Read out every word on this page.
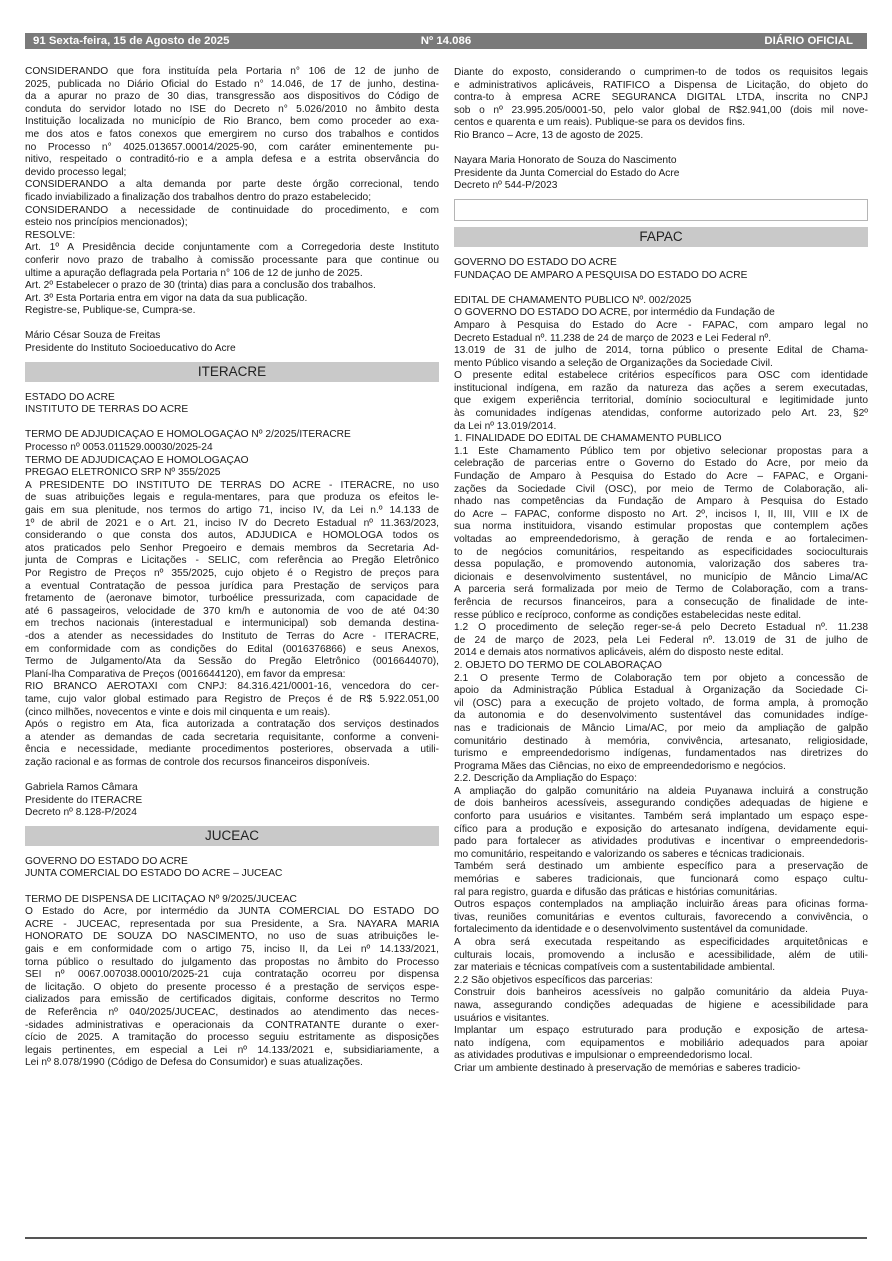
91 Sexta-feira, 15 de Agosto de 2025	Nº 14.086	DIÁRIO OFICIAL
CONSIDERANDO que fora instituída pela Portaria n° 106 de 12 de junho de
2025, publicada no Diário Oficial do Estado n° 14.046, de 17 de junho, destina-
da a apurar no prazo de 30 dias, transgressão aos dispositivos do Código de
conduta do servidor lotado no ISE do Decreto n° 5.026/2010 no âmbito desta
Instituição localizada no município de Rio Branco, bem como proceder ao exa-
me dos atos e fatos conexos que emergirem no curso dos trabalhos e contidos
no Processo n° 4025.013657.00014/2025-90, com caráter eminentemente pu-
nitivo, respeitado o contraditó-rio e a ampla defesa e a estrita observância do
devido processo legal;
CONSIDERANDO a alta demanda por parte deste órgão correcional, tendo
ficado inviabilizado a finalização dos trabalhos dentro do prazo estabelecido;
CONSIDERANDO a necessidade de continuidade do procedimento, e com
esteio nos princípios mencionados);
RESOLVE:
Art. 1º A Presidência decide conjuntamente com a Corregedoria deste Instituto
conferir novo prazo de trabalho à comissão processante para que continue ou
ultime a apuração deflagrada pela Portaria n° 106 de 12 de junho de 2025.
Art. 2º Estabelecer o prazo de 30 (trinta) dias para a conclusão dos trabalhos.
Art. 3º Esta Portaria entra em vigor na data da sua publicação.
Registre-se, Publique-se, Cumpra-se.
Mário César Souza de Freitas
Presidente do Instituto Socioeducativo do Acre
ITERACRE
ESTADO DO ACRE
INSTITUTO DE TERRAS DO ACRE
TERMO DE ADJUDICAÇÃO E HOMOLOGAÇÃO Nº 2/2025/ITERACRE
Processo nº 0053.011529.00030/2025-24
TERMO DE ADJUDICAÇÃO E HOMOLOGAÇÃO
PREGÃO ELETRÔNICO SRP Nº 355/2025
A PRESIDENTE DO INSTITUTO DE TERRAS DO ACRE - ITERACRE, no uso
de suas atribuições legais e regula-mentares, para que produza os efeitos le-
gais em sua plenitude, nos termos do artigo 71, inciso IV, da Lei n.º 14.133 de
1º de abril de 2021 e o Art. 21, inciso IV do Decreto Estadual nº 11.363/2023,
considerando o que consta dos autos, ADJUDICA e HOMOLOGA todos os
atos praticados pelo Senhor Pregoeiro e demais membros da Secretaria Ad-
junta de Compras e Licitações - SELIC, com referência ao Pregão Eletrônico
Por Registro de Preços nº 355/2025, cujo objeto é o Registro de preços para
a eventual Contratação de pessoa jurídica para Prestação de serviços para
fretamento de (aeronave bimotor, turboélice pressurizada, com capacidade de
até 6 passageiros, velocidade de 370 km/h e autonomia de voo de até 04:30
em trechos nacionais (interestadual e intermunicipal) sob demanda destina-
-dos a atender as necessidades do Instituto de Terras do Acre - ITERACRE,
em conformidade com as condições do Edital (0016376866) e seus Anexos,
Termo de Julgamento/Ata da Sessão do Pregão Eletrônico (0016644070),
Planí-lha Comparativa de Preços (0016644120), em favor da empresa:
RIO BRANCO AEROTAXI com CNPJ: 84.316.421/0001-16, vencedora do cer-
tame, cujo valor global estimado para Registro de Preços é de R$ 5.922.051,00
(cinco milhões, novecentos e vinte e dois mil cinquenta e um reais).
Após o registro em Ata, fica autorizada a contratação dos serviços destinados
a atender as demandas de cada secretaria requisitante, conforme a conveni-
ência e necessidade, mediante procedimentos posteriores, observada a utili-
zação racional e as formas de controle dos recursos financeiros disponíveis.
Gabriela Ramos Câmara
Presidente do ITERACRE
Decreto nº 8.128-P/2024
JUCEAC
GOVERNO DO ESTADO DO ACRE
JUNTA COMERCIAL DO ESTADO DO ACRE – JUCEAC
TERMO DE DISPENSA DE LICITAÇÃO Nº 9/2025/JUCEAC
O Estado do Acre, por intermédio da JUNTA COMERCIAL DO ESTADO DO
ACRE - JUCEAC, representada por sua Presidente, a Sra. NAYARA MARIA
HONORATO DE SOUZA DO NASCIMENTO, no uso de suas atribuições le-
gais e em conformidade com o artigo 75, inciso II, da Lei nº 14.133/2021,
torna público o resultado do julgamento das propostas no âmbito do Processo
SEI nº 0067.007038.00010/2025-21 cuja contratação ocorreu por dispensa
de licitação. O objeto do presente processo é a prestação de serviços espe-
cializados para emissão de certificados digitais, conforme descritos no Termo
de Referência nº 040/2025/JUCEAC, destinados ao atendimento das neces-
-sidades administrativas e operacionais da CONTRATANTE durante o exer-
cício de 2025. A tramitação do processo seguiu estritamente as disposições
legais pertinentes, em especial a Lei nº 14.133/2021 e, subsidiariamente, a
Lei nº 8.078/1990 (Código de Defesa do Consumidor) e suas atualizações.
Diante do exposto, considerando o cumprimen-to de todos os requisitos legais
e administrativos aplicáveis, RATIFICO a Dispensa de Licitação, do objeto do
contra-to à empresa ACRE SEGURANCA DIGITAL LTDA, inscrita no CNPJ
sob o nº 23.995.205/0001-50, pelo valor global de R$2.941,00 (dois mil nove-
centos e quarenta e um reais). Publique-se para os devidos fins.
Rio Branco – Acre, 13 de agosto de 2025.
Nayara Maria Honorato de Souza do Nascimento
Presidente da Junta Comercial do Estado do Acre
Decreto nº 544-P/2023
FAPAC
GOVERNO DO ESTADO DO ACRE
FUNDAÇÃO DE AMPARO A PESQUISA DO ESTADO DO ACRE
EDITAL DE CHAMAMENTO PÚBLICO Nº. 002/2025
O GOVERNO DO ESTADO DO ACRE, por intermédio da Fundação de
Amparo à Pesquisa do Estado do Acre - FAPAC, com amparo legal no
Decreto Estadual nº. 11.238 de 24 de março de 2023 e Lei Federal nº.
13.019 de 31 de julho de 2014, torna público o presente Edital de Chama-
mento Público visando a seleção de Organizações da Sociedade Civil.
O presente edital estabelece critérios específicos para OSC com identidade
institucional indígena, em razão da natureza das ações a serem executadas,
que exigem experiência territorial, domínio sociocultural e legitimidade junto
às comunidades indígenas atendidas, conforme autorizado pelo Art. 23, §2º
da Lei nº 13.019/2014.
1. FINALIDADE DO EDITAL DE CHAMAMENTO PÚBLICO
1.1 Este Chamamento Público tem por objetivo selecionar propostas para a
celebração de parcerias entre o Governo do Estado do Acre, por meio da
Fundação de Amparo à Pesquisa do Estado do Acre – FAPAC, e Organi-
zações da Sociedade Civil (OSC), por meio de Termo de Colaboração, ali-
nhado nas competências da Fundação de Amparo à Pesquisa do Estado
do Acre – FAPAC, conforme disposto no Art. 2º, incisos I, II, III, VIII e IX de
sua norma instituidora, visando estimular propostas que contemplem ações
voltadas ao empreendedorismo, à geração de renda e ao fortalecimen-
to de negócios comunitários, respeitando as especificidades socioculturais
dessa população, e promovendo autonomia, valorização dos saberes tra-
dicionais e desenvolvimento sustentável, no município de Mâncio Lima/AC
A parceria será formalizada por meio de Termo de Colaboração, com a trans-
ferência de recursos financeiros, para a consecução de finalidade de inte-
resse público e recíproco, conforme as condições estabelecidas neste edital.
1.2 O procedimento de seleção reger-se-á pelo Decreto Estadual nº. 11.238
de 24 de março de 2023, pela Lei Federal nº. 13.019 de 31 de julho de
2014 e demais atos normativos aplicáveis, além do disposto neste edital.
2. OBJETO DO TERMO DE COLABORAÇÃO
2.1 O presente Termo de Colaboração tem por objeto a concessão de
apoio da Administração Pública Estadual à Organização da Sociedade Ci-
vil (OSC) para a execução de projeto voltado, de forma ampla, à promoção
da autonomia e do desenvolvimento sustentável das comunidades indíge-
nas e tradicionais de Mâncio Lima/AC, por meio da ampliação de galpão
comunitário destinado à memória, convivência, artesanato, religiosidade,
turismo e empreendedorismo indígenas, fundamentados nas diretrizes do
Programa Mães das Ciências, no eixo de empreendedorismo e negócios.
2.2. Descrição da Ampliação do Espaço:
A ampliação do galpão comunitário na aldeia Puyanawa incluirá a construção
de dois banheiros acessíveis, assegurando condições adequadas de higiene e
conforto para usuários e visitantes. Também será implantado um espaço espe-
cífico para a produção e exposição do artesanato indígena, devidamente equi-
pado para fortalecer as atividades produtivas e incentivar o empreendedoris-
mo comunitário, respeitando e valorizando os saberes e técnicas tradicionais.
Também será destinado um ambiente específico para a preservação de
memórias e saberes tradicionais, que funcionará como espaço cultu-
ral para registro, guarda e difusão das práticas e histórias comunitárias.
Outros espaços contemplados na ampliação incluirão áreas para oficinas forma-
tivas, reuniões comunitárias e eventos culturais, favorecendo a convivência, o
fortalecimento da identidade e o desenvolvimento sustentável da comunidade.
A obra será executada respeitando as especificidades arquitetônicas e
culturais locais, promovendo a inclusão e acessibilidade, além de utili-
zar materiais e técnicas compatíveis com a sustentabilidade ambiental.
2.2 São objetivos específicos das parcerias:
Construir dois banheiros acessíveis no galpão comunitário da aldeia Puya-
nawa, assegurando condições adequadas de higiene e acessibilidade para
usuários e visitantes.
Implantar um espaço estruturado para produção e exposição de artesa-
nato indígena, com equipamentos e mobiliário adequados para apoiar
as atividades produtivas e impulsionar o empreendedorismo local.
Criar um ambiente destinado à preservação de memórias e saberes tradicio-
